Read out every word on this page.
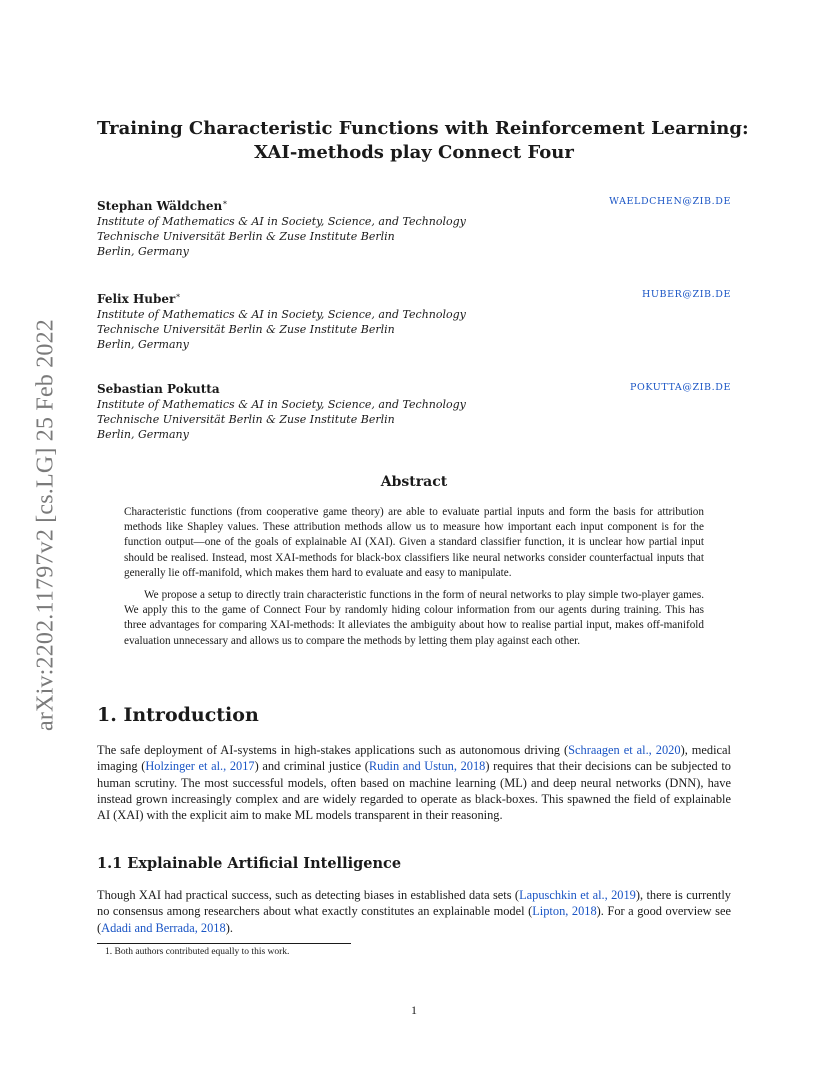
arXiv:2202.11797v2 [cs.LG] 25 Feb 2022
Training Characteristic Functions with Reinforcement Learning:
XAI-methods play Connect Four
Stephan Wäldchen∗	WAELDCHEN@ZIB.DE
Institute of Mathematics & AI in Society, Science, and Technology
Technische Universität Berlin & Zuse Institute Berlin
Berlin, Germany
Felix Huber∗	HUBER@ZIB.DE
Institute of Mathematics & AI in Society, Science, and Technology
Technische Universität Berlin & Zuse Institute Berlin
Berlin, Germany
Sebastian Pokutta	POKUTTA@ZIB.DE
Institute of Mathematics & AI in Society, Science, and Technology
Technische Universität Berlin & Zuse Institute Berlin
Berlin, Germany
Abstract

Characteristic functions (from cooperative game theory) are able to evaluate partial inputs and form the basis for attribution methods like Shapley values. These attribution methods allow us to measure how important each input component is for the function output—one of the goals of explainable AI (XAI). Given a standard classifier function, it is unclear how partial input should be realised. Instead, most XAI-methods for black-box classifiers like neural networks consider counterfactual inputs that generally lie off-manifold, which makes them hard to evaluate and easy to manipulate.

We propose a setup to directly train characteristic functions in the form of neural networks to play simple two-player games. We apply this to the game of Connect Four by randomly hiding colour information from our agents during training. This has three advantages for comparing XAI-methods: It alleviates the ambiguity about how to realise partial input, makes off-manifold evaluation unnecessary and allows us to compare the methods by letting them play against each other.

1. Introduction
The safe deployment of AI-systems in high-stakes applications such as autonomous driving (Schraagen et al., 2020), medical imaging (Holzinger et al., 2017) and criminal justice (Rudin and Ustun, 2018) requires that their decisions can be subjected to human scrutiny. The most successful models, often based on machine learning (ML) and deep neural networks (DNN), have instead grown increasingly complex and are widely regarded to operate as black-boxes. This spawned the field of explainable AI (XAI) with the explicit aim to make ML models transparent in their reasoning.
1.1 Explainable Artificial Intelligence
Though XAI had practical success, such as detecting biases in established data sets (Lapuschkin et al., 2019), there is currently no consensus among researchers about what exactly constitutes an explainable model (Lipton, 2018). For a good overview see (Adadi and Berrada, 2018).
1. Both authors contributed equally to this work.
1
